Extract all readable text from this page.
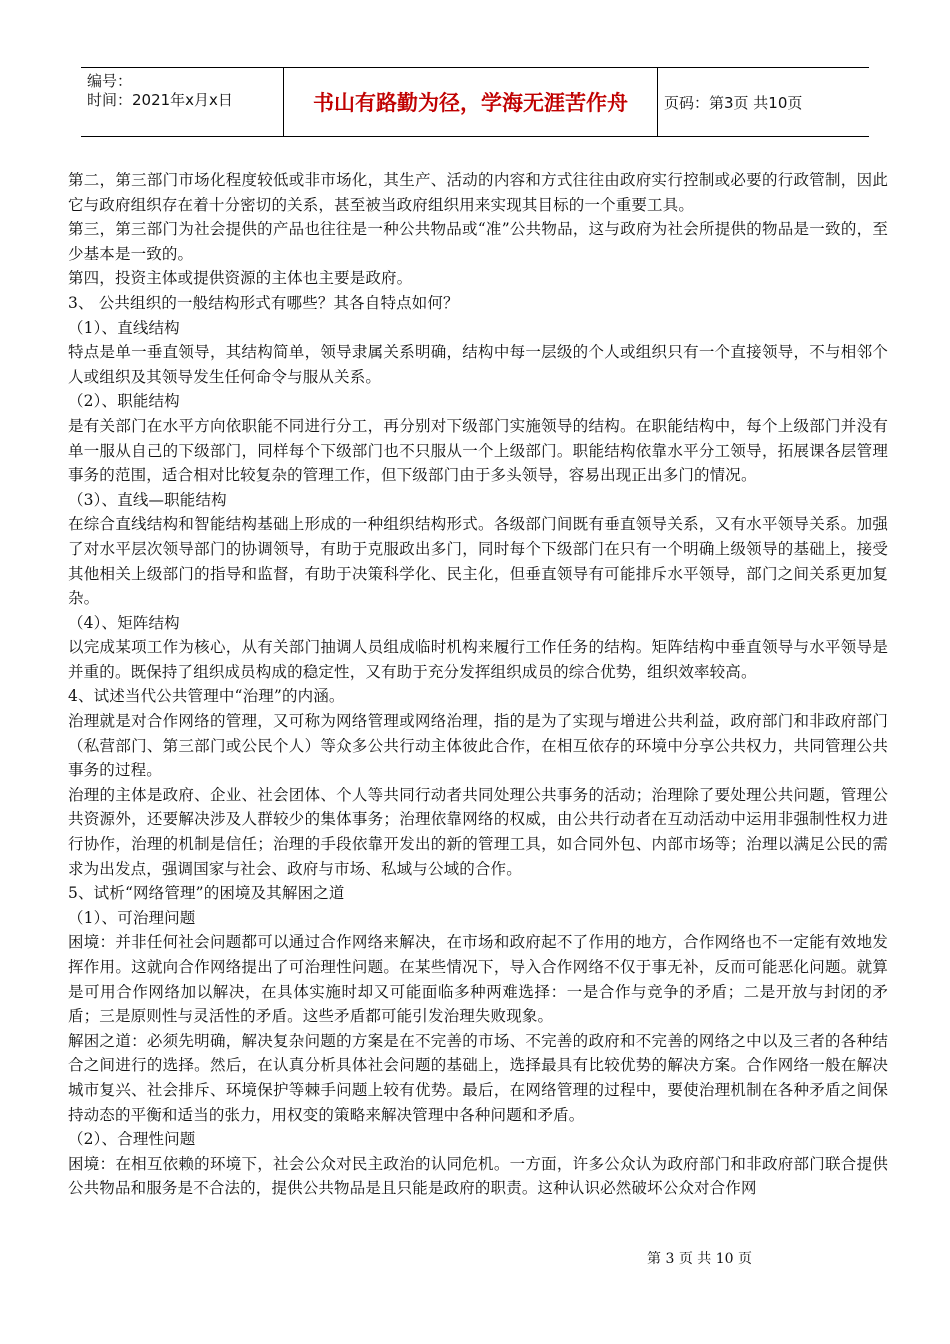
编号：
时间：2021年x月x日	书山有路勤为径，学海无涯苦作舟	页码：第3页 共10页

第二，第三部门市场化程度较低或非市场化，其生产、活动的内容和方式往往由政府实行控制或必要的行政管制，因此它与政府组织存在着十分密切的关系，甚至被当政府组织用来实现其目标的一个重要工具。

第三，第三部门为社会提供的产品也往往是一种公共物品或“准”公共物品，这与政府为社会所提供的物品是一致的，至少基本是一致的。

第四，投资主体或提供资源的主体也主要是政府。

3、 公共组织的一般结构形式有哪些？其各自特点如何？

（1）、直线结构

特点是单一垂直领导，其结构简单，领导隶属关系明确，结构中每一层级的个人或组织只有一个直接领导，不与相邻个人或组织及其领导发生任何命令与服从关系。

（2）、职能结构

是有关部门在水平方向依职能不同进行分工，再分别对下级部门实施领导的结构。在职能结构中，每个上级部门并没有单一服从自己的下级部门，同样每个下级部门也不只服从一个上级部门。职能结构依靠水平分工领导，拓展课各层管理事务的范围，适合相对比较复杂的管理工作，但下级部门由于多头领导，容易出现正出多门的情况。

（3）、直线—职能结构

在综合直线结构和智能结构基础上形成的一种组织结构形式。各级部门间既有垂直领导关系，又有水平领导关系。加强了对水平层次领导部门的协调领导，有助于克服政出多门，同时每个下级部门在只有一个明确上级领导的基础上，接受其他相关上级部门的指导和监督，有助于决策科学化、民主化，但垂直领导有可能排斥水平领导，部门之间关系更加复杂。

（4）、矩阵结构

以完成某项工作为核心，从有关部门抽调人员组成临时机构来履行工作任务的结构。矩阵结构中垂直领导与水平领导是并重的。既保持了组织成员构成的稳定性，又有助于充分发挥组织成员的综合优势，组织效率较高。

4、试述当代公共管理中“治理”的内涵。

治理就是对合作网络的管理，又可称为网络管理或网络治理，指的是为了实现与增进公共利益，政府部门和非政府部门（私营部门、第三部门或公民个人）等众多公共行动主体彼此合作，在相互依存的环境中分享公共权力，共同管理公共事务的过程。

治理的主体是政府、企业、社会团体、个人等共同行动者共同处理公共事务的活动；治理除了要处理公共问题，管理公共资源外，还要解决涉及人群较少的集体事务；治理依靠网络的权威，由公共行动者在互动活动中运用非强制性权力进行协作，治理的机制是信任；治理的手段依靠开发出的新的管理工具，如合同外包、内部市场等；治理以满足公民的需求为出发点，强调国家与社会、政府与市场、私域与公域的合作。

5、试析“网络管理”的困境及其解困之道

（1）、可治理问题

困境：并非任何社会问题都可以通过合作网络来解决，在市场和政府起不了作用的地方，合作网络也不一定能有效地发挥作用。这就向合作网络提出了可治理性问题。在某些情况下，导入合作网络不仅于事无补，反而可能恶化问题。就算是可用合作网络加以解决，在具体实施时却又可能面临多种两难选择：一是合作与竞争的矛盾；二是开放与封闭的矛盾；三是原则性与灵活性的矛盾。这些矛盾都可能引发治理失败现象。

解困之道：必须先明确，解决复杂问题的方案是在不完善的市场、不完善的政府和不完善的网络之中以及三者的各种结合之间进行的选择。然后，在认真分析具体社会问题的基础上，选择最具有比较优势的解决方案。合作网络一般在解决城市复兴、社会排斥、环境保护等棘手问题上较有优势。最后，在网络管理的过程中，要使治理机制在各种矛盾之间保持动态的平衡和适当的张力，用权变的策略来解决管理中各种问题和矛盾。

（2）、合理性问题

困境：在相互依赖的环境下，社会公众对民主政治的认同危机。一方面，许多公众认为政府部门和非政府部门联合提供公共物品和服务是不合法的，提供公共物品是且只能是政府的职责。这种认识必然破坏公众对合作网

第 3 页 共 10 页
